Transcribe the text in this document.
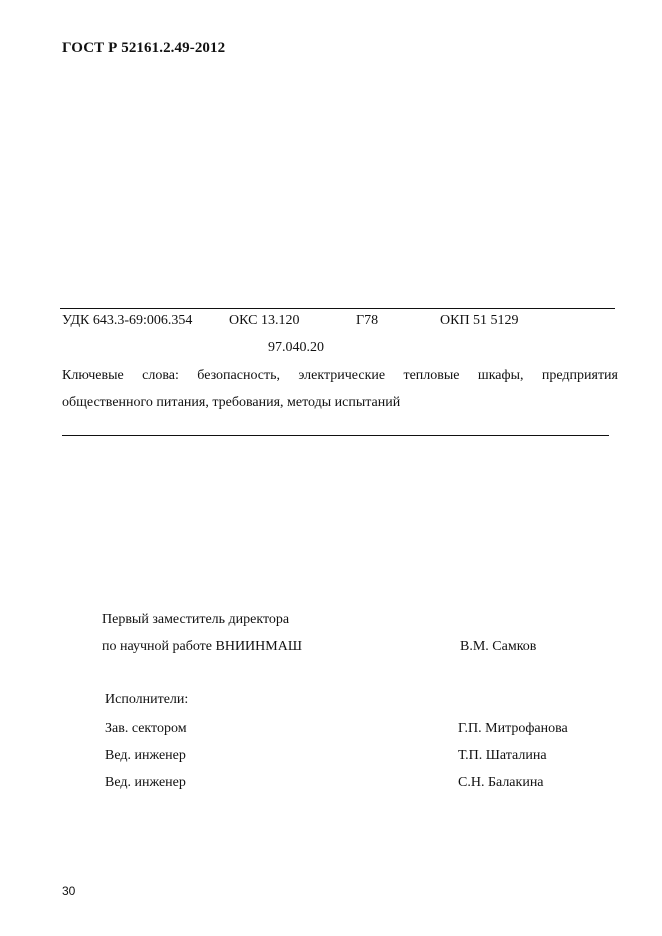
ГОСТ Р 52161.2.49-2012
УДК 643.3-69:006.354	ОКС 13.120
97.040.20
Г78	ОКП 51 5129
Ключевые слова: безопасность, электрические тепловые шкафы, предприятия общественного питания, требования, методы испытаний
Первый заместитель директора
по научной работе ВНИИНМАШ	В.М. Самков
Исполнители:
Зав. сектором	Г.П. Митрофанова
Вед. инженер	Т.П. Шаталина
Вед. инженер	С.Н. Балакина
30
